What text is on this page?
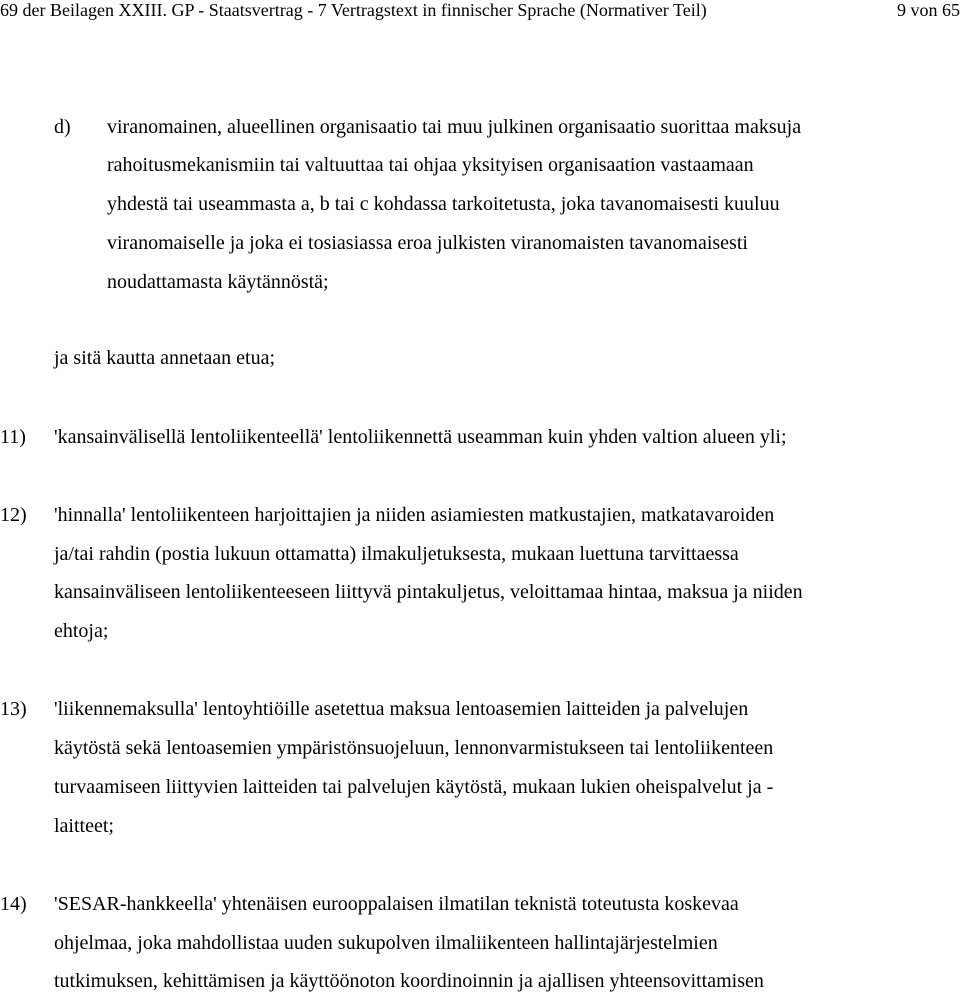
69 der Beilagen XXIII. GP - Staatsvertrag - 7 Vertragstext in finnischer Sprache (Normativer Teil)	9 von 65
d) viranomainen, alueellinen organisaatio tai muu julkinen organisaatio suorittaa maksuja
rahoitusmekanismiin tai valtuuttaa tai ohjaa yksityisen organisaation vastaamaan
yhdestä tai useammasta a, b tai c kohdassa tarkoitetusta, joka tavanomaisesti kuuluu
viranomaiselle ja joka ei tosiasiassa eroa julkisten viranomaisten tavanomaisesti
noudattamasta käytännöstä;
ja sitä kautta annetaan etua;
11) 'kansainvälisellä lentoliikenteellä' lentoliikennettä useamman kuin yhden valtion alueen yli;
12) 'hinnalla' lentoliikenteen harjoittajien ja niiden asiamiesten matkustajien, matkatavaroiden
ja/tai rahdin (postia lukuun ottamatta) ilmakuljetuksesta, mukaan luettuna tarvittaessa
kansainväliseen lentoliikenteeseen liittyvä pintakuljetus, veloittamaa hintaa, maksua ja niiden
ehtoja;
13) 'liikennemaksulla' lentoyhtiöille asetettua maksua lentoasemien laitteiden ja palvelujen
käytöstä sekä lentoasemien ympäristönsuojeluun, lennonvarmistukseen tai lentoliikenteen
turvaamiseen liittyvien laitteiden tai palvelujen käytöstä, mukaan lukien oheispalvelut ja -
laitteet;
14) 'SESAR-hankkeella' yhtenäisen eurooppalaisen ilmatilan teknistä toteutusta koskevaa
ohjelmaa, joka mahdollistaa uuden sukupolven ilmaliikenteen hallintajärjestelmien
tutkimuksen, kehittämisen ja käyttöönoton koordinoinnin ja ajallisen yhteensovittamisen
